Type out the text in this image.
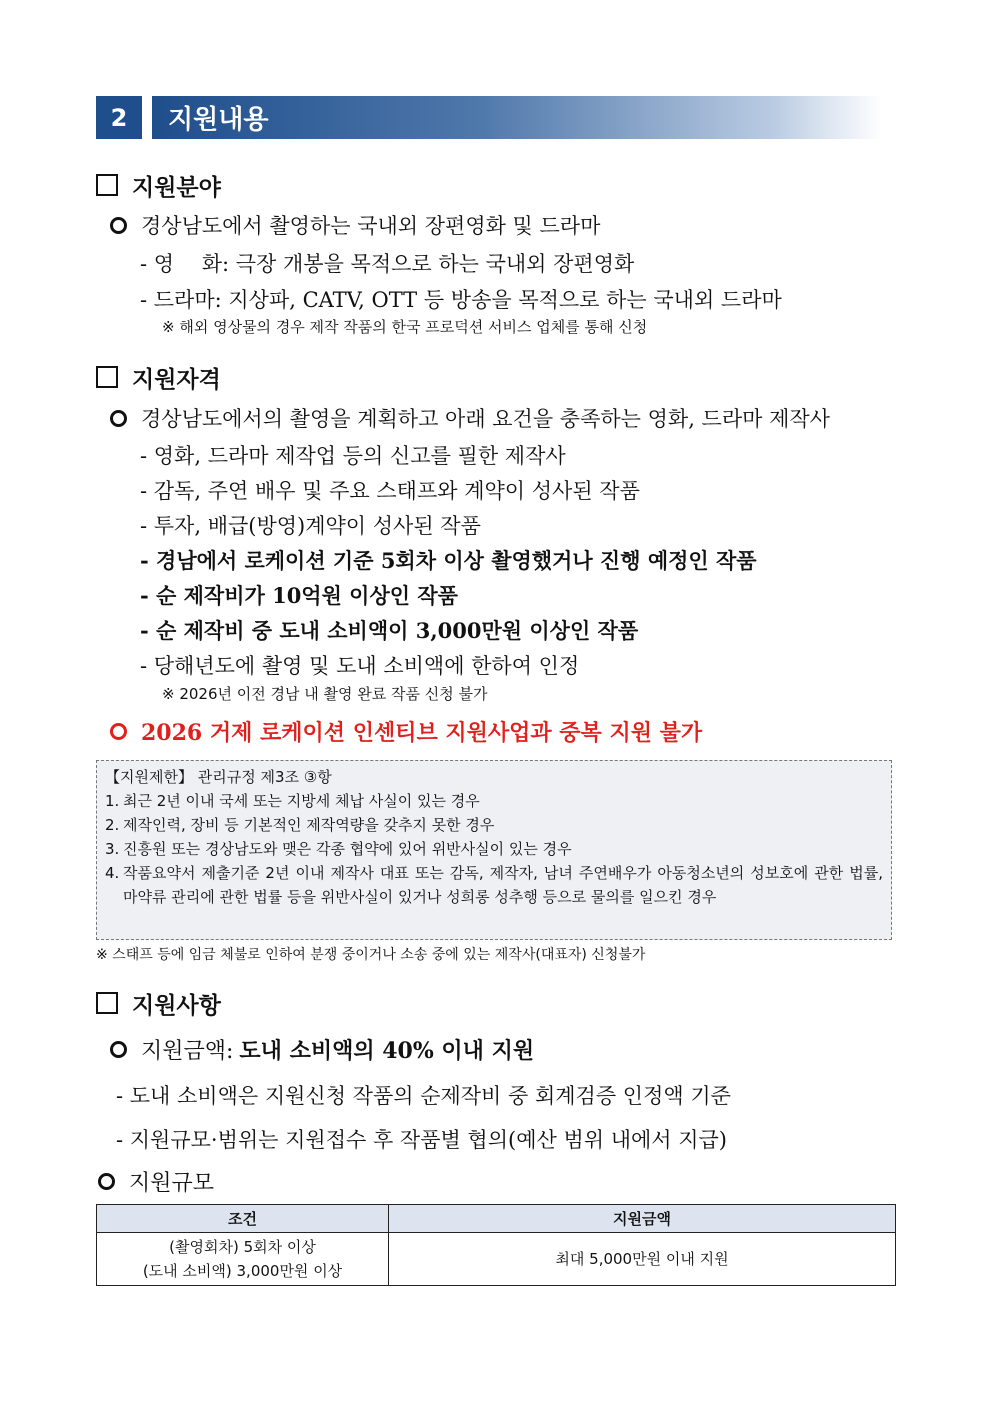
2	지원내용
지원분야
경상남도에서 촬영하는 국내외 장편영화 및 드라마
- 영　 화: 극장 개봉을 목적으로 하는 국내외 장편영화
- 드라마: 지상파, CATV, OTT 등 방송을 목적으로 하는 국내외 드라마
※ 해외 영상물의 경우 제작 작품의 한국 프로덕션 서비스 업체를 통해 신청
지원자격
경상남도에서의 촬영을 계획하고 아래 요건을 충족하는 영화, 드라마 제작사
- 영화, 드라마 제작업 등의 신고를 필한 제작사
- 감독, 주연 배우 및 주요 스태프와 계약이 성사된 작품
- 투자, 배급(방영)계약이 성사된 작품
- 경남에서 로케이션 기준 5회차 이상 촬영했거나 진행 예정인 작품
- 순 제작비가 10억원 이상인 작품
- 순 제작비 중 도내 소비액이 3,000만원 이상인 작품
- 당해년도에 촬영 및 도내 소비액에 한하여 인정
※ 2026년 이전 경남 내 촬영 완료 작품 신청 불가
2026 거제 로케이션 인센티브 지원사업과 중복 지원 불가
【지원제한】 관리규정 제3조 ③항
1. 최근 2년 이내 국세 또는 지방세 체납 사실이 있는 경우
2. 제작인력, 장비 등 기본적인 제작역량을 갖추지 못한 경우
3. 진흥원 또는 경상남도와 맺은 각종 협약에 있어 위반사실이 있는 경우
4. 작품요약서 제출기준 2년 이내 제작사 대표 또는 감독, 제작자, 남녀 주연배우가 아동청소년의 성보호에 관한 법률, 마약류 관리에 관한 법률 등을 위반사실이 있거나 성희롱 성추행 등으로 물의를 일으킨 경우
※ 스태프 등에 임금 체불로 인하여 분쟁 중이거나 소송 중에 있는 제작사(대표자) 신청불가
지원사항
지원금액: 도내 소비액의 40% 이내 지원
- 도내 소비액은 지원신청 작품의 순제작비 중 회계검증 인정액 기준
- 지원규모·범위는 지원접수 후 작품별 협의(예산 범위 내에서 지급)
지원규모
조건	지원금액

(촬영회차) 5회차 이상
(도내 소비액) 3,000만원 이상	최대 5,000만원 이내 지원
